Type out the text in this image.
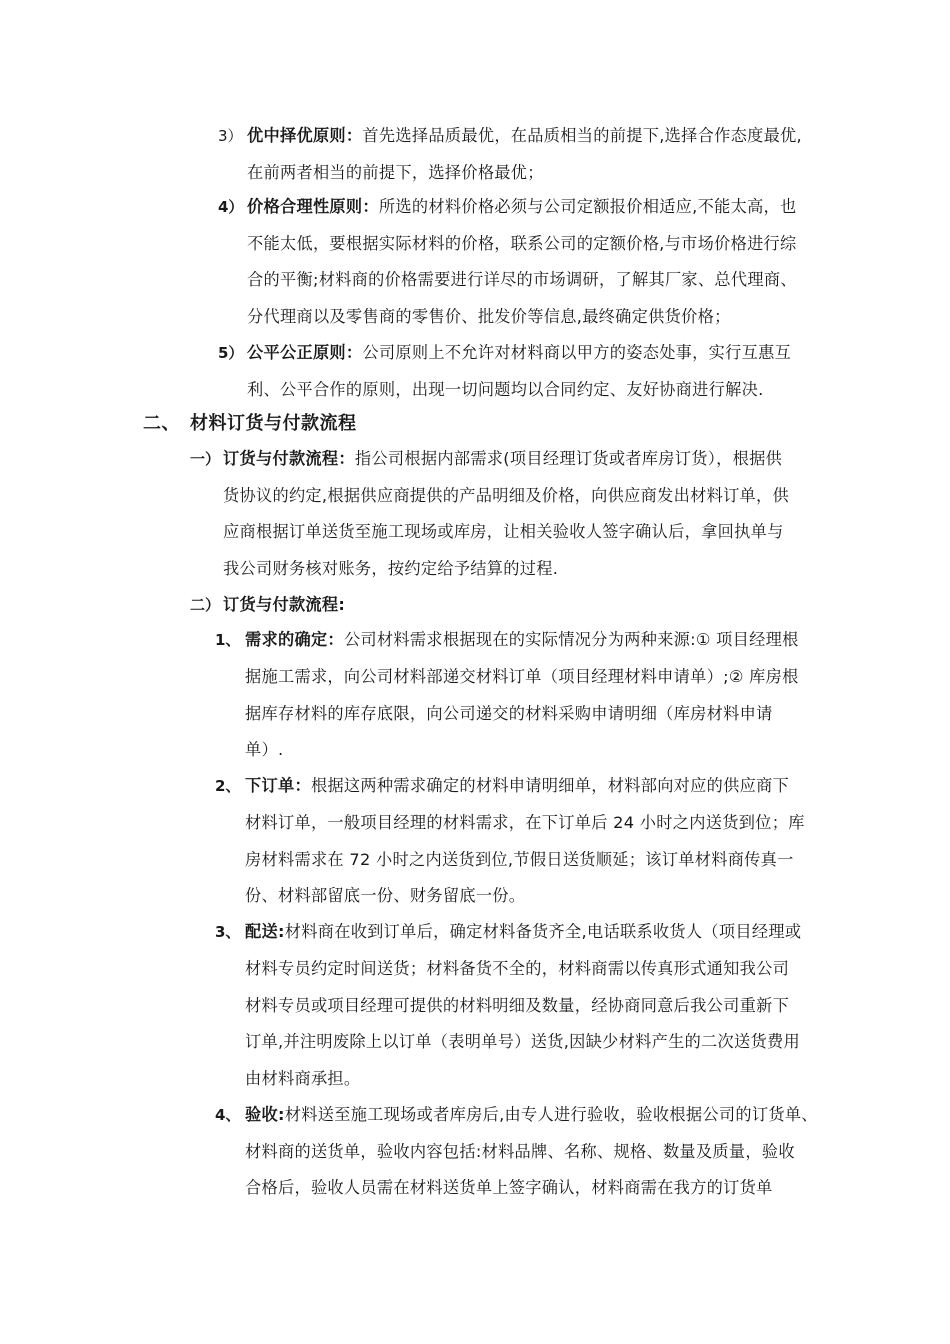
3） 优中择优原则：首先选择品质最优，在品质相当的前提下,选择合作态度最优,
在前两者相当的前提下，选择价格最优；
4） 价格合理性原则：所选的材料价格必须与公司定额报价相适应,不能太高，也
不能太低，要根据实际材料的价格，联系公司的定额价格,与市场价格进行综
合的平衡;材料商的价格需要进行详尽的市场调研，了解其厂家、总代理商、
分代理商以及零售商的零售价、批发价等信息,最终确定供货价格；
5） 公平公正原则：公司原则上不允许对材料商以甲方的姿态处事，实行互惠互
利、公平合作的原则，出现一切问题均以合同约定、友好协商进行解决.
二、 材料订货与付款流程
一） 订货与付款流程：指公司根据内部需求(项目经理订货或者库房订货），根据供
货协议的约定,根据供应商提供的产品明细及价格，向供应商发出材料订单，供
应商根据订单送货至施工现场或库房，让相关验收人签字确认后，拿回执单与
我公司财务核对账务，按约定给予结算的过程.
二） 订货与付款流程:
1、 需求的确定：公司材料需求根据现在的实际情况分为两种来源:① 项目经理根
据施工需求，向公司材料部递交材料订单（项目经理材料申请单）;② 库房根
据库存材料的库存底限，向公司递交的材料采购申请明细（库房材料申请
单）.
2、 下订单：根据这两种需求确定的材料申请明细单，材料部向对应的供应商下
材料订单，一般项目经理的材料需求，在下订单后 24 小时之内送货到位；库
房材料需求在 72 小时之内送货到位,节假日送货顺延；该订单材料商传真一
份、材料部留底一份、财务留底一份。
3、 配送:材料商在收到订单后，确定材料备货齐全,电话联系收货人（项目经理或
材料专员约定时间送货；材料备货不全的，材料商需以传真形式通知我公司
材料专员或项目经理可提供的材料明细及数量，经协商同意后我公司重新下
订单,并注明废除上以订单（表明单号）送货,因缺少材料产生的二次送货费用
由材料商承担。
4、 验收:材料送至施工现场或者库房后,由专人进行验收，验收根据公司的订货单、
材料商的送货单，验收内容包括:材料品牌、名称、规格、数量及质量，验收
合格后，验收人员需在材料送货单上签字确认，材料商需在我方的订货单
